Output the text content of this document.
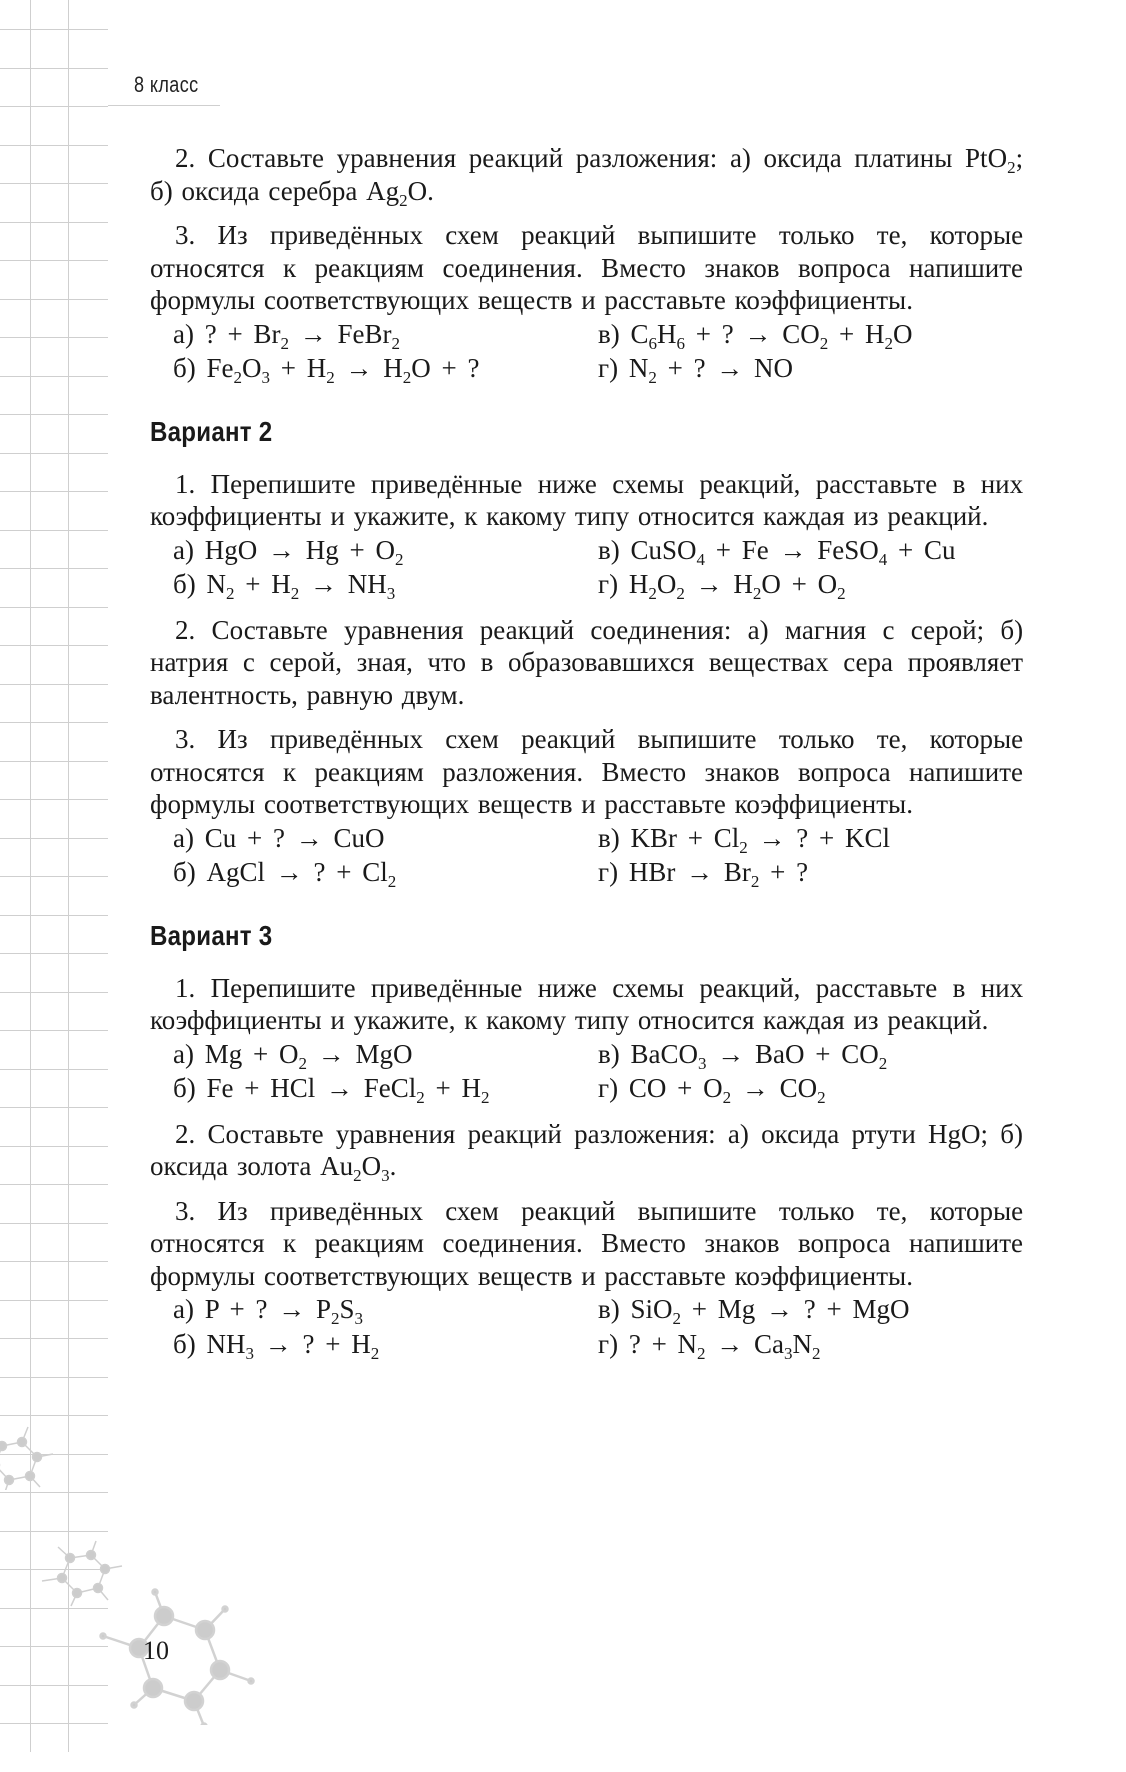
8 класс

2. Составьте уравнения реакций разложения: а) оксида платины PtO$_2$; б) оксида серебра $Ag_2O$.

3. Из приведённых схем реакций выпишите только те, которые относятся к реакциям соединения. Вместо знаков вопроса напишите формулы соответствующих веществ и расставьте коэффициенты.

а) ? + $Br_2$ → FeBr$_2$	в) $C_6H_6$ + ? → $CO_2 + H_2O$
б) $Fe_2O_3 + H_2 \to H_2O$ + ?	г) $N_2$ + ? → NO
Вариант 2

1. Перепишите приведённые ниже схемы реакций, расставьте в них коэффициенты и укажите, к какому типу относится каждая из реакций.

а) HgO → $Hg + O_2$	в) CuSO$_4$ + Fe → FeSO$_4$ + Cu
б) $N_2 + H_2 \to NH_3$	г) $H_2O_2 \to H_2O + O_2$

2. Составьте уравнения реакций соединения: а) магния с серой; б) натрия с серой, зная, что в образовавшихся веществах сера проявляет валентность, равную двум.

3. Из приведённых схем реакций выпишите только те, которые относятся к реакциям разложения. Вместо знаков вопроса напишите формулы соответствующих веществ и расставьте коэффициенты.

а) Cu + ? → CuO	в) KBr + $Cl_2$ → ? + KCl
б) AgCl → ? + $Cl_2$	г) HBr → $Br_2$ + ?
Вариант 3

1. Перепишите приведённые ниже схемы реакций, расставьте в них коэффициенты и укажите, к какому типу относится каждая из реакций.

а) $Mg + O_2$ → MgO	в) BaCO$_3$ → BaO + $CO_2$
б) Fe + HCl → FeCl$_2$ + $H_2$	г) CO + $O_2 \to CO_2$

2. Составьте уравнения реакций разложения: а) оксида ртути HgO; б) оксида золота $Au_2O_3$.

3. Из приведённых схем реакций выпишите только те, которые относятся к реакциям соединения. Вместо знаков вопроса напишите формулы соответствующих веществ и расставьте коэффициенты.

а) P + ? → $P_2S_3$	в) SiO$_2$ + Mg → ? + MgO
б) $NH_3$ → ? + $H_2$	г) ? + $N_2 \to Ca_3N_2$
10
